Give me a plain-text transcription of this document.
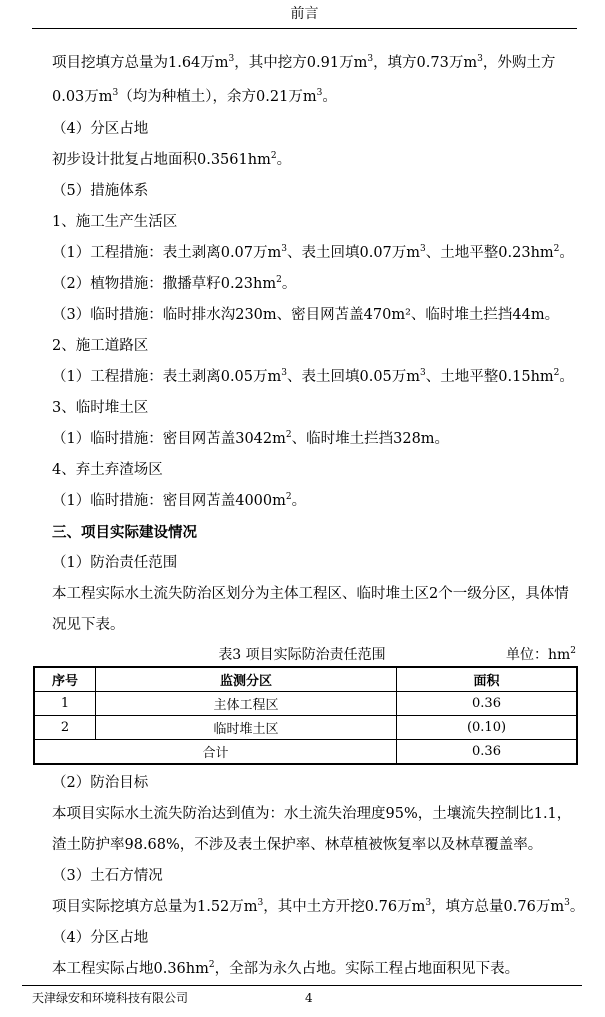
前言

项目挖填方总量为1.64万$m^3$，其中挖方0.91万$m^3$，填方0.73万$m^3$，外购土方0.03万$m^3$（均为种植土），余方0.21万$m^3$。

（4）分区占地

初步设计批复占地面积$0.3561hm^2$。

（5）措施体系

1、施工生产生活区

（1）工程措施：表土剥离0.07万$m^3$、表土回填0.07万$m^3$、土地平整$0.23hm^2$。

（2）植物措施：撒播草籽$0.23hm^2$。

（3）临时措施：临时排水沟230m、密目网苫盖470m²、临时堆土拦挡44m。

2、施工道路区

（1）工程措施：表土剥离0.05万$m^3$、表土回填0.05万$m^3$、土地平整$0.15hm^2$。

3、临时堆土区

（1）临时措施：密目网苫盖$3042m^2$、临时堆土拦挡328m。

4、弃土弃渣场区

（1）临时措施：密目网苫盖$4000m^2$。

三、项目实际建设情况

（1）防治责任范围

本工程实际水土流失防治区划分为主体工程区、临时堆土区2个一级分区，具体情况见下表。

表3 项目实际防治责任范围	单位：$hm^2$
序号	监测分区	面积
1	主体工程区	0.36
2	临时堆土区	(0.10)
合计		0.36

（2）防治目标

本项目实际水土流失防治达到值为：水土流失治理度95%，土壤流失控制比1.1，渣土防护率98.68%，不涉及表土保护率、林草植被恢复率以及林草覆盖率。

（3）土石方情况

项目实际挖填方总量为1.52万$m^3$，其中土方开挖0.76万$m^3$，填方总量0.76万$m^3$。

（4）分区占地

本工程实际占地$0.36hm^2$，全部为永久占地。实际工程占地面积见下表。

天津绿安和环境科技有限公司	4
